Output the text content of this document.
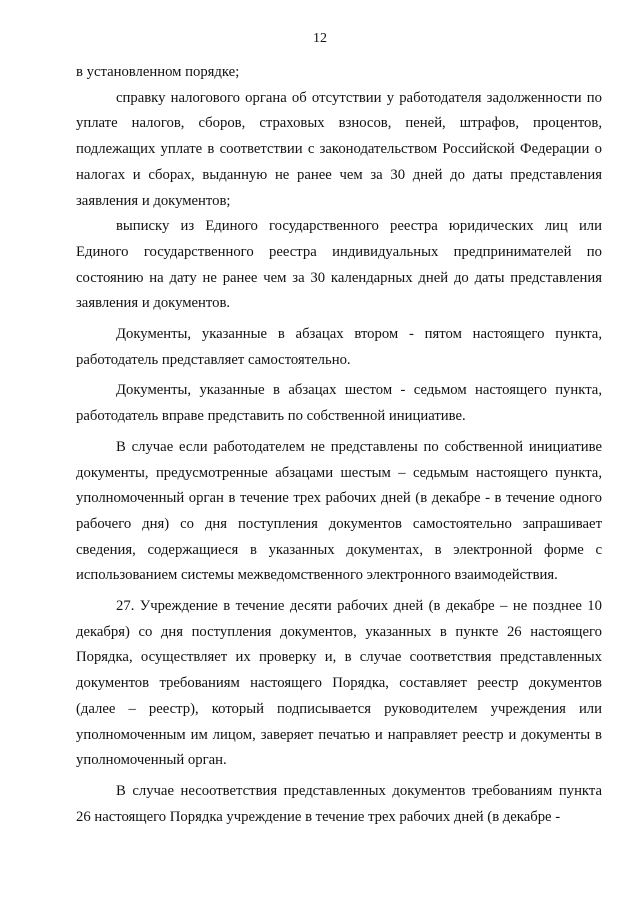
12

в установленном порядке;

справку налогового органа об отсутствии у работодателя задолженности по уплате налогов, сборов, страховых взносов, пеней, штрафов, процентов, подлежащих уплате в соответствии с законодательством Российской Федерации о налогах и сборах, выданную не ранее чем за 30 дней до даты представления заявления и документов;

выписку из Единого государственного реестра юридических лиц или Единого государственного реестра индивидуальных предпринимателей по состоянию на дату не ранее чем за 30 календарных дней до даты представления заявления и документов.

Документы, указанные в абзацах втором - пятом настоящего пункта, работодатель представляет самостоятельно.

Документы, указанные в абзацах шестом - седьмом настоящего пункта, работодатель вправе представить по собственной инициативе.

В случае если работодателем не представлены по собственной инициативе документы, предусмотренные абзацами шестым – седьмым настоящего пункта, уполномоченный орган в течение трех рабочих дней (в декабре - в течение одного рабочего дня) со дня поступления документов самостоятельно запрашивает сведения, содержащиеся в указанных документах, в электронной форме с использованием системы межведомственного электронного взаимодействия.

27. Учреждение в течение десяти рабочих дней (в декабре – не позднее 10 декабря) со дня поступления документов, указанных в пункте 26 настоящего Порядка, осуществляет их проверку и, в случае соответствия представленных документов требованиям настоящего Порядка, составляет реестр документов (далее – реестр), который подписывается руководителем учреждения или уполномоченным им лицом, заверяет печатью и направляет реестр и документы в уполномоченный орган.

В случае несоответствия представленных документов требованиям пункта 26 настоящего Порядка учреждение в течение трех рабочих дней (в декабре -
